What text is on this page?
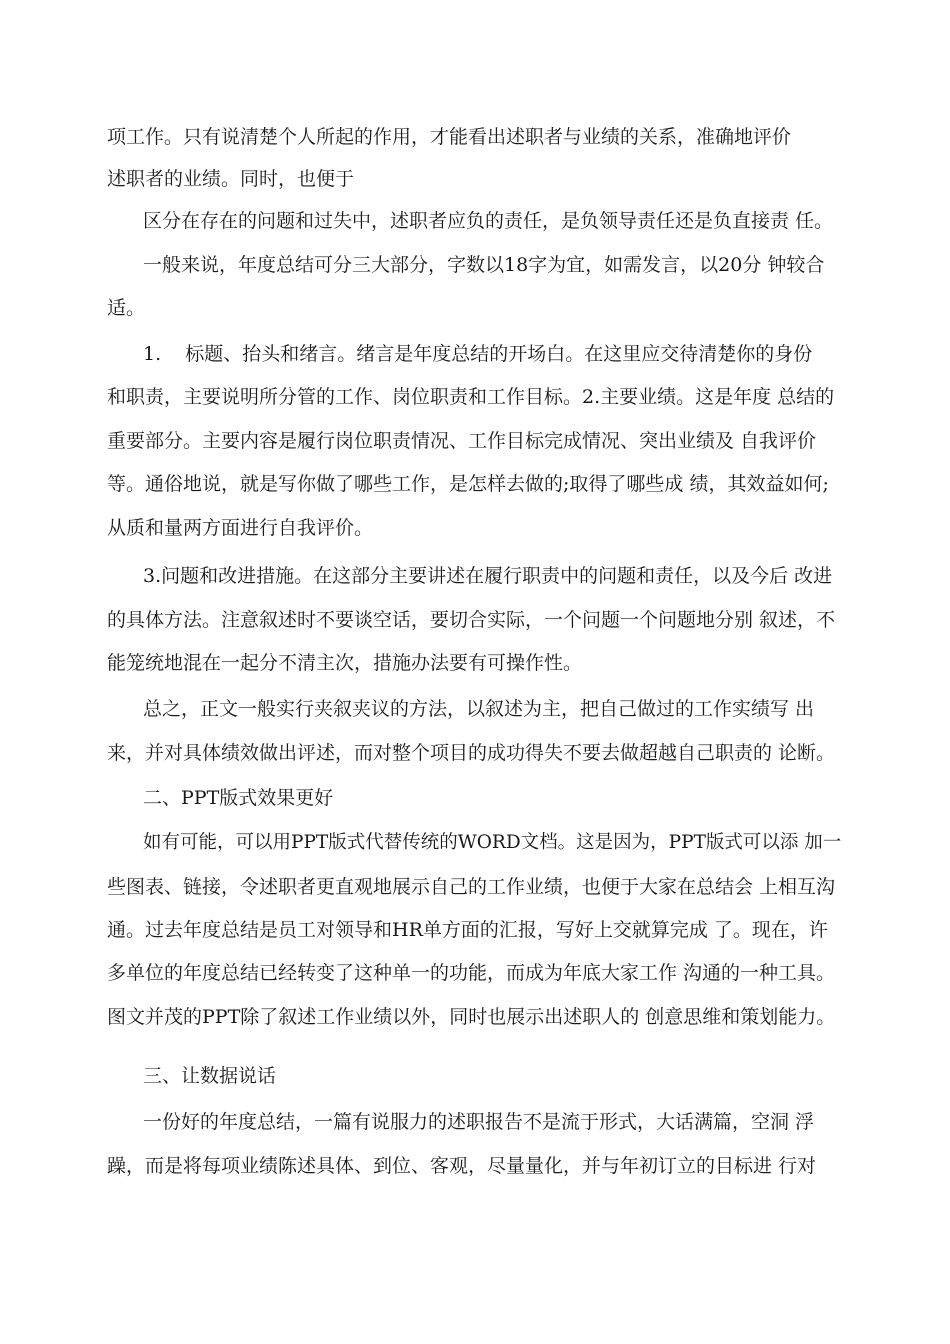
项工作。只有说清楚个人所起的作用，才能看出述职者与业绩的关系，准确地评价
述职者的业绩。同时，也便于
区分在存在的问题和过失中，述职者应负的责任，是负领导责任还是负直接责 任。
一般来说，年度总结可分三大部分，字数以18字为宜，如需发言，以20分 钟较合
适。
1.    标题、抬头和绪言。绪言是年度总结的开场白。在这里应交待清楚你的身份
和职责，主要说明所分管的工作、岗位职责和工作目标。2.主要业绩。这是年度 总结的
重要部分。主要内容是履行岗位职责情况、工作目标完成情况、突出业绩及 自我评价
等。通俗地说，就是写你做了哪些工作，是怎样去做的;取得了哪些成 绩，其效益如何;
从质和量两方面进行自我评价。
3.问题和改进措施。在这部分主要讲述在履行职责中的问题和责任，以及今后 改进
的具体方法。注意叙述时不要谈空话，要切合实际，一个问题一个问题地分别 叙述，不
能笼统地混在一起分不清主次，措施办法要有可操作性。
总之，正文一般实行夹叙夹议的方法，以叙述为主，把自己做过的工作实绩写 出
来，并对具体绩效做出评述，而对整个项目的成功得失不要去做超越自己职责的 论断。
二、PPT版式效果更好
如有可能，可以用PPT版式代替传统的WORD文档。这是因为，PPT版式可以添 加一
些图表、链接，令述职者更直观地展示自己的工作业绩，也便于大家在总结会 上相互沟
通。过去年度总结是员工对领导和HR单方面的汇报，写好上交就算完成 了。现在，许
多单位的年度总结已经转变了这种单一的功能，而成为年底大家工作 沟通的一种工具。
图文并茂的PPT除了叙述工作业绩以外，同时也展示出述职人的 创意思维和策划能力。
三、让数据说话
一份好的年度总结，一篇有说服力的述职报告不是流于形式，大话满篇，空洞 浮
躁，而是将每项业绩陈述具体、到位、客观，尽量量化，并与年初订立的目标进 行对
